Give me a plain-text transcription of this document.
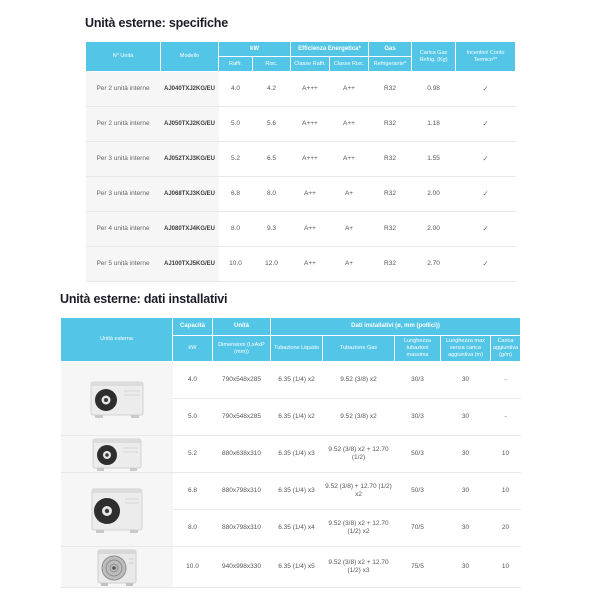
Unità esterne: specifiche
N° Unità	Modello	kW		Efficienza Energetica*		Gas	Carica Gas Refrig. (Kg)	Incentivi/ Conto Termico**
		Raffr.	Risc.	Classe Raffr.	Classe Risc.	Refrigerante*		
Per 2 unità interne	AJ040TXJ2KG/EU	4.0	4.2	A+++	A++	R32	0.98	✓
Per 2 unità interne	AJ050TXJ2KG/EU	5.0	5.6	A+++	A++	R32	1.18	✓
Per 3 unità interne	AJ052TXJ3KG/EU	5.2	6.5	A+++	A++	R32	1.55	✓
Per 3 unità interne	AJ068TXJ3KG/EU	6.8	8.0	A++	A+	R32	2.00	✓
Per 4 unità interne	AJ080TXJ4KG/EU	8.0	9.3	A++	A+	R32	2.00	✓
Per 5 unità interne	AJ100TXJ5KG/EU	10.0	12.0	A++	A+	R32	2.70	✓
Unità esterne: dati installativi
Unità esterna	Capacità	Unità	Dati installativi (ø, mm (pollici))				
	kW	Dimensioni (LxAxP (mm))	Tubazione Liquido	Tubazione Gas	Lunghezza tubazioni massima	Lunghezza max senza carica aggiuntiva (m)	Carica aggiuntiva (g/m)

	4.0	790x548x285	6.35 (1/4) x2	9.52 (3/8) x2	30/3	30	-
	5.0	790x548x285	6.35 (1/4) x2	9.52 (3/8) x2	30/3	30	-

	5.2	880x638x310	6.35 (1/4) x3	9.52 (3/8) x2 + 12.70 (1/2)	50/3	30	10

	6.8	880x798x310	6.35 (1/4) x3	9.52 (3/8) + 12.70 (1/2) x2	50/3	30	10
	8.0	880x798x310	6.35 (1/4) x4	9.52 (3/8) x2 + 12.70 (1/2) x2	70/5	30	20

	10.0	940x998x330	6.35 (1/4) x5	9.52 (3/8) x2 + 12.70 (1/2) x3	75/5	30	10
